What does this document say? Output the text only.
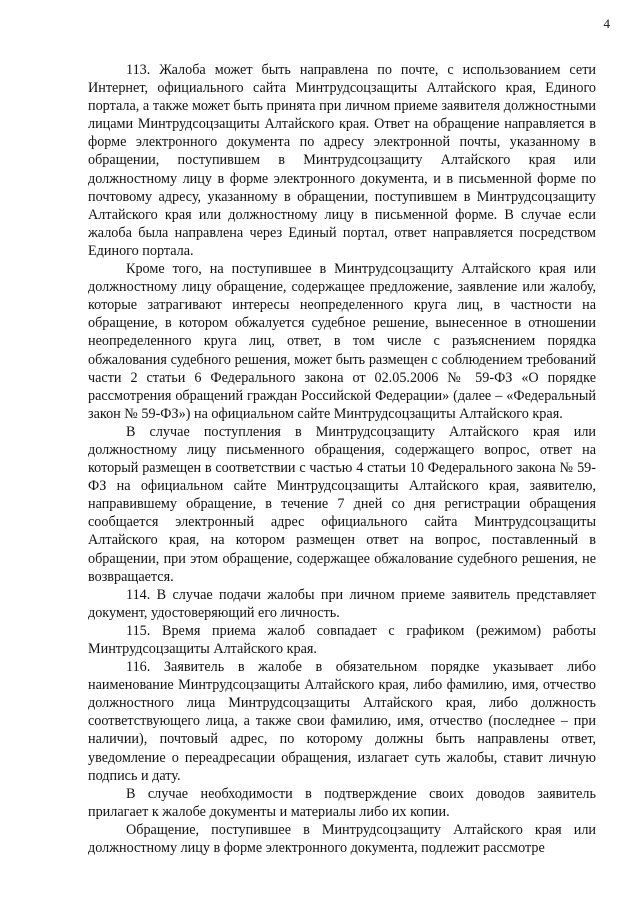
4

113. Жалоба может быть направлена по почте, с использованием сети Интернет, официального сайта Минтрудсоцзащиты Алтайского края, Единого портала, а также может быть принята при личном приеме заявителя должностными лицами Минтрудсоцзащиты Алтайского края. Ответ на обращение направляется в форме электронного документа по адресу электронной почты, указанному в обращении, поступившем в Минтрудсоцзащиту Алтайского края или должностному лицу в форме электронного документа, и в письменной форме по почтовому адресу, указанному в обращении, поступившем в Минтрудсоцзащиту Алтайского края или должностному лицу в письменной форме. В случае если жалоба была направлена через Единый портал, ответ направляется посредством Единого портала.

Кроме того, на поступившее в Минтрудсоцзащиту Алтайского края или должностному лицу обращение, содержащее предложение, заявление или жалобу, которые затрагивают интересы неопределенного круга лиц, в частности на обращение, в котором обжалуется судебное решение, вынесенное в отношении неопределенного круга лиц, ответ, в том числе с разъяснением порядка обжалования судебного решения, может быть размещен с соблюдением требований части 2 статьи 6 Федерального закона от 02.05.2006 № 59-ФЗ «О порядке рассмотрения обращений граждан Российской Федерации» (далее – «Федеральный закон № 59-ФЗ») на официальном сайте Минтрудсоцзащиты Алтайского края.

В случае поступления в Минтрудсоцзащиту Алтайского края или должностному лицу письменного обращения, содержащего вопрос, ответ на который размещен в соответствии с частью 4 статьи 10 Федерального закона № 59-ФЗ на официальном сайте Минтрудсоцзащиты Алтайского края, заявителю, направившему обращение, в течение 7 дней со дня регистрации обращения сообщается электронный адрес официального сайта Минтрудсоцзащиты Алтайского края, на котором размещен ответ на вопрос, поставленный в обращении, при этом обращение, содержащее обжалование судебного решения, не возвращается.

114. В случае подачи жалобы при личном приеме заявитель представляет документ, удостоверяющий его личность.

115. Время приема жалоб совпадает с графиком (режимом) работы Минтрудсоцзащиты Алтайского края.

116. Заявитель в жалобе в обязательном порядке указывает либо наименование Минтрудсоцзащиты Алтайского края, либо фамилию, имя, отчество должностного лица Минтрудсоцзащиты Алтайского края, либо должность соответствующего лица, а также свои фамилию, имя, отчество (последнее – при наличии), почтовый адрес, по которому должны быть направлены ответ, уведомление о переадресации обращения, излагает суть жалобы, ставит личную подпись и дату.

В случае необходимости в подтверждение своих доводов заявитель прилагает к жалобе документы и материалы либо их копии.

Обращение, поступившее в Минтрудсоцзащиту Алтайского края или должностному лицу в форме электронного документа, подлежит рассмотре
